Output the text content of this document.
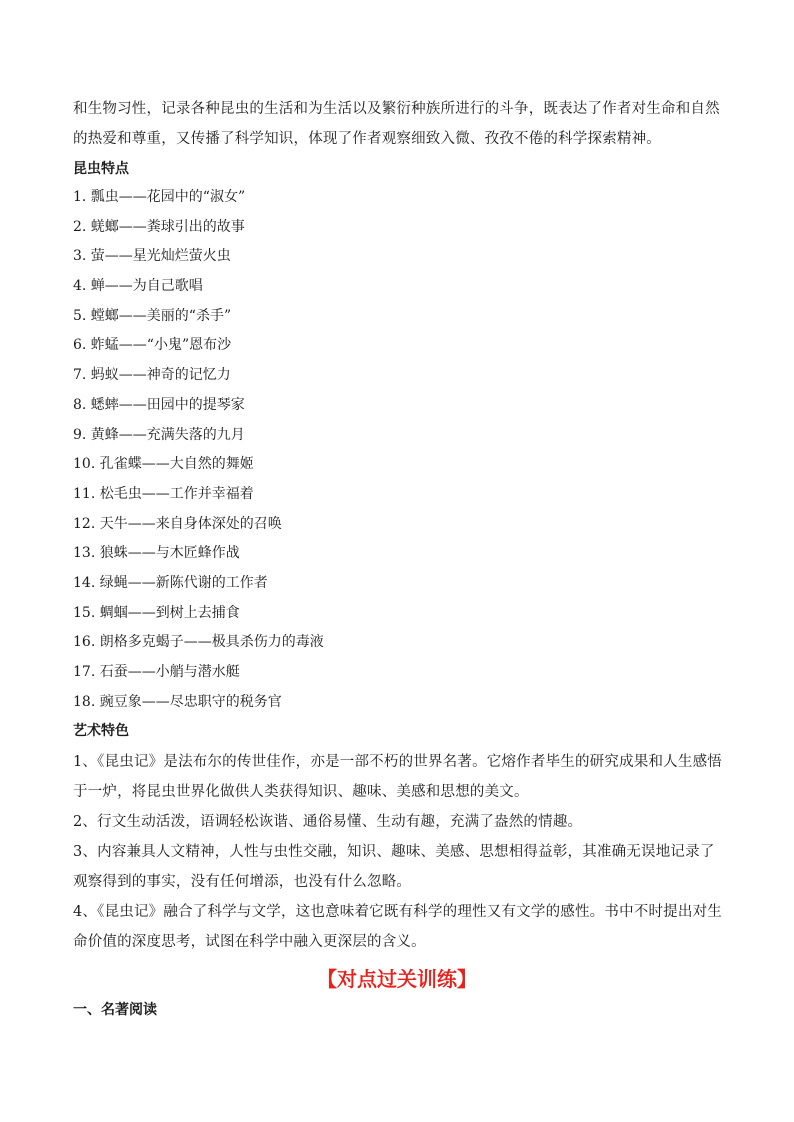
和生物习性，记录各种昆虫的生活和为生活以及繁衍种族所进行的斗争，既表达了作者对生命和自然的热爱和尊重，又传播了科学知识，体现了作者观察细致入微、孜孜不倦的科学探索精神。

昆虫特点
1. 瓢虫——花园中的“淑女”
2. 蜣螂——粪球引出的故事
3. 萤——星光灿烂萤火虫
4. 蝉——为自己歌唱
5. 螳螂——美丽的“杀手”
6. 蚱蜢——“小鬼”恩布沙
7. 蚂蚁——神奇的记忆力
8. 蟋蟀——田园中的提琴家
9. 黄蜂——充满失落的九月
10. 孔雀蝶——大自然的舞姬
11. 松毛虫——工作并幸福着
12. 天牛——来自身体深处的召唤
13. 狼蛛——与木匠蜂作战
14. 绿蝇——新陈代谢的工作者
15. 蜩蝈——到树上去捕食
16. 朗格多克蝎子——极具杀伤力的毒液
17. 石蚕——小艄与潜水艇
18. 豌豆象——尽忠职守的税务官
艺术特色

1、《昆虫记》是法布尔的传世佳作，亦是一部不朽的世界名著。它熔作者毕生的研究成果和人生感悟于一炉，将昆虫世界化做供人类获得知识、趣味、美感和思想的美文。

2、行文生动活泼，语调轻松诙谐、通俗易懂、生动有趣，充满了盎然的情趣。

3、内容兼具人文精神，人性与虫性交融，知识、趣味、美感、思想相得益彰，其准确无误地记录了观察得到的事实，没有任何增添，也没有什么忽略。

4、《昆虫记》融合了科学与文学，这也意味着它既有科学的理性又有文学的感性。书中不时提出对生命价值的深度思考，试图在科学中融入更深层的含义。

【对点过关训练】
一、名著阅读
